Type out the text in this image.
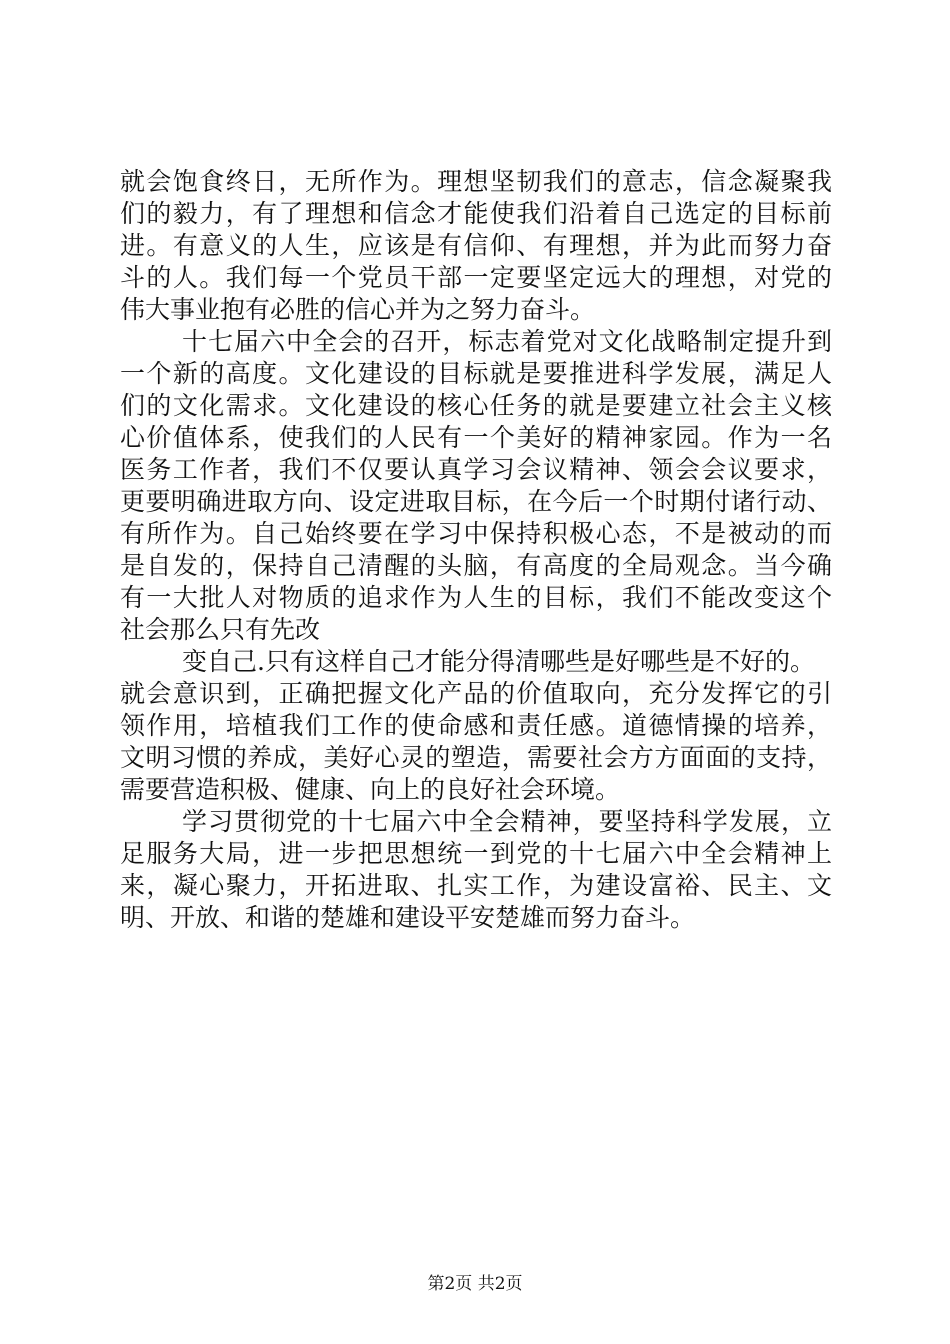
就会饱食终日，无所作为。理想坚韧我们的意志，信念凝聚我
们的毅力，有了理想和信念才能使我们沿着自己选定的目标前
进。有意义的人生，应该是有信仰、有理想，并为此而努力奋
斗的人。我们每一个党员干部一定要坚定远大的理想，对党的
伟大事业抱有必胜的信心并为之努力奋斗。
十七届六中全会的召开，标志着党对文化战略制定提升到
一个新的高度。文化建设的目标就是要推进科学发展，满足人
们的文化需求。文化建设的核心任务的就是要建立社会主义核
心价值体系，使我们的人民有一个美好的精神家园。作为一名
医务工作者，我们不仅要认真学习会议精神、领会会议要求，
更要明确进取方向、设定进取目标，在今后一个时期付诸行动、
有所作为。自己始终要在学习中保持积极心态，不是被动的而
是自发的，保持自己清醒的头脑，有高度的全局观念。当今确
有一大批人对物质的追求作为人生的目标，我们不能改变这个
社会那么只有先改
变自己.只有这样自己才能分得清哪些是好哪些是不好的。
就会意识到，正确把握文化产品的价值取向，充分发挥它的引
领作用，培植我们工作的使命感和责任感。道德情操的培养，
文明习惯的养成，美好心灵的塑造，需要社会方方面面的支持，
需要营造积极、健康、向上的良好社会环境。
学习贯彻党的十七届六中全会精神，要坚持科学发展，立
足服务大局，进一步把思想统一到党的十七届六中全会精神上
来，凝心聚力，开拓进取、扎实工作，为建设富裕、民主、文
明、开放、和谐的楚雄和建设平安楚雄而努力奋斗。
第2页 共2页
